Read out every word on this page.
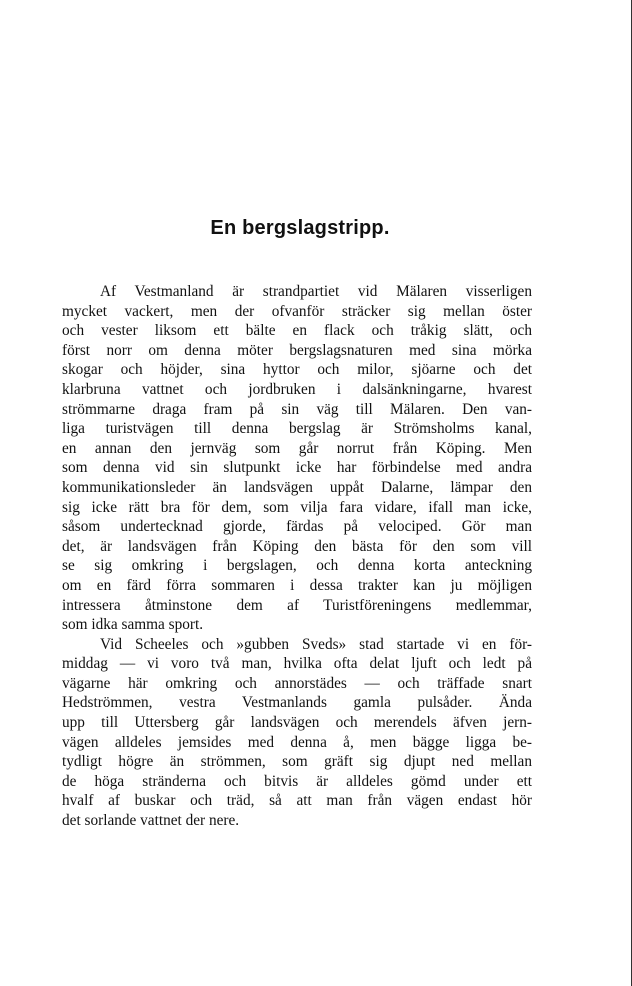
En bergslagstripp.
Af Vestmanland är strandpartiet vid Mälaren visserligen
mycket vackert, men der ofvanför sträcker sig mellan öster
och vester liksom ett bälte en flack och tråkig slätt, och
först norr om denna möter bergslagsnaturen med sina mörka
skogar och höjder, sina hyttor och milor, sjöarne och det
klarbruna vattnet och jordbruken i dalsänkningarne, hvarest
strömmarne draga fram på sin väg till Mälaren. Den van-
liga turistvägen till denna bergslag är Strömsholms kanal,
en annan den jernväg som går norrut från Köping. Men
som denna vid sin slutpunkt icke har förbindelse med andra
kommunikationsleder än landsvägen uppåt Dalarne, lämpar den
sig icke rätt bra för dem, som vilja fara vidare, ifall man icke,
såsom undertecknad gjorde, färdas på velociped. Gör man
det, är landsvägen från Köping den bästa för den som vill
se sig omkring i bergslagen, och denna korta anteckning
om en färd förra sommaren i dessa trakter kan ju möjligen
intressera åtminstone dem af Turistföreningens medlemmar,
som idka samma sport.
Vid Scheeles och »gubben Sveds» stad startade vi en för-
middag — vi voro två man, hvilka ofta delat ljuft och ledt på
vägarne här omkring och annorstädes — och träffade snart
Hedströmmen, vestra Vestmanlands gamla pulsåder. Ända
upp till Uttersberg går landsvägen och merendels äfven jern-
vägen alldeles jemsides med denna å, men bägge ligga be-
tydligt högre än strömmen, som gräft sig djupt ned mellan
de höga stränderna och bitvis är alldeles gömd under ett
hvalf af buskar och träd, så att man från vägen endast hör
det sorlande vattnet der nere.
